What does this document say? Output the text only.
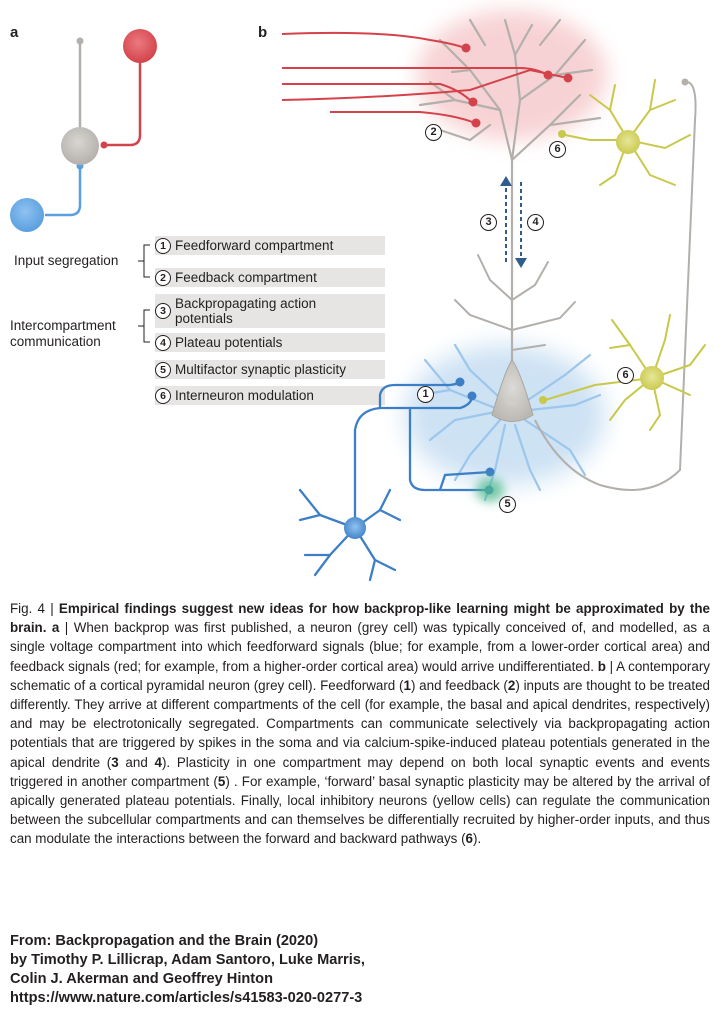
a	b
Input segregation
Intercompartment
communication
1 Feedforward compartment
2 Feedback compartment
3 Backpropagating action
potentials
4 Plateau potentials
5 Multifactor synaptic plasticity
6 Interneuron modulation
2
6
3	4
6
1
5
Fig. 4 | Empirical findings suggest new ideas for how backprop-like learning might be approximated by the brain. a | When backprop was first published, a neuron (grey cell) was typically conceived of, and modelled, as a single voltage compartment into which feedforward signals (blue; for example, from a lower-order cortical area) and feedback signals (red; for example, from a higher-order cortical area) would arrive undifferentiated. b | A contemporary schematic of a cortical pyramidal neuron (grey cell). Feedforward (1) and feedback (2) inputs are thought to be treated differently. They arrive at different compartments of the cell (for example, the basal and apical dendrites, respectively) and may be electrotonically segregated. Compartments can communicate selectively via backpropagating action potentials that are triggered by spikes in the soma and via calcium-spike-induced plateau potentials generated in the apical dendrite (3 and 4). Plasticity in one compartment may depend on both local synaptic events and events triggered in another compartment (5) . For example, ‘forward’ basal synaptic plasticity may be altered by the arrival of apically generated plateau potentials. Finally, local inhibitory neurons (yellow cells) can regulate the communication between the subcellular compartments and can themselves be differentially recruited by higher-order inputs, and thus can modulate the interactions between the forward and backward pathways (6).
From: Backpropagation and the Brain (2020)
by Timothy P. Lillicrap, Adam Santoro, Luke Marris,
Colin J. Akerman and Geoffrey Hinton
https://www.nature.com/articles/s41583-020-0277-3
